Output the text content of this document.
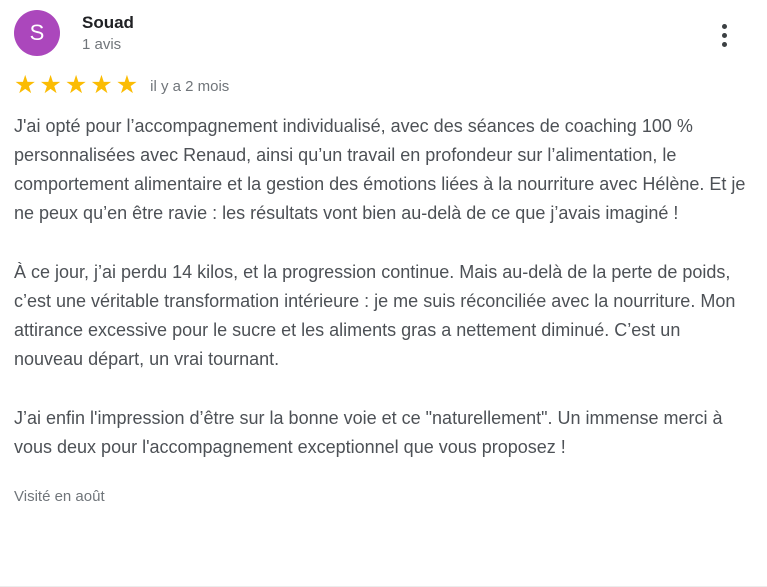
S	Souad
1 avis
★★★★★ il y a 2 mois

J'ai opté pour l’accompagnement individualisé, avec des séances de coaching 100 % personnalisées avec Renaud, ainsi qu’un travail en profondeur sur l’alimentation, le comportement alimentaire et la gestion des émotions liées à la nourriture avec Hélène. Et je ne peux qu’en être ravie : les résultats vont bien au-delà de ce que j’avais imaginé !

À ce jour, j’ai perdu 14 kilos, et la progression continue. Mais au-delà de la perte de poids, c’est une véritable transformation intérieure : je me suis réconciliée avec la nourriture. Mon attirance excessive pour le sucre et les aliments gras a nettement diminué. C’est un nouveau départ, un vrai tournant.

J’ai enfin l'impression d’être sur la bonne voie et ce "naturellement". Un immense merci à vous deux pour l'accompagnement exceptionnel que vous proposez !

Visité en août
